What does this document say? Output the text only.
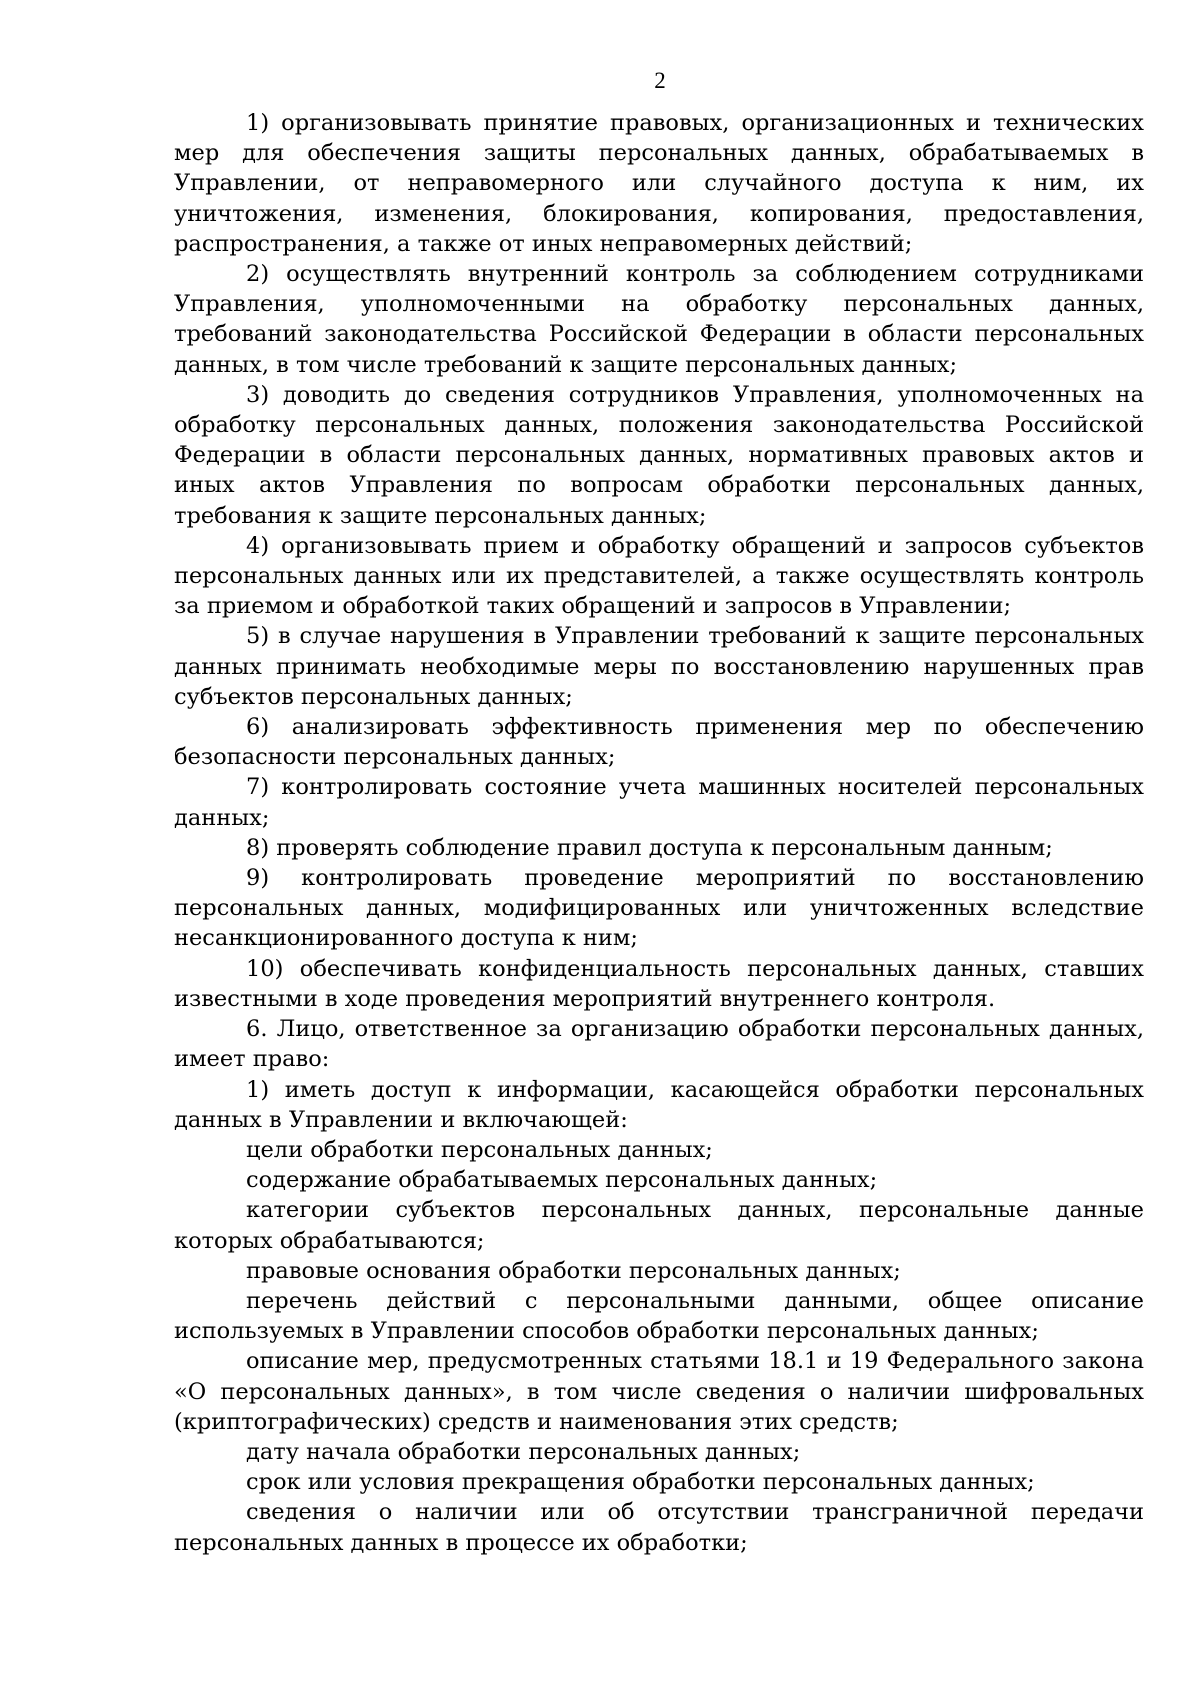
2

1) организовывать принятие правовых, организационных и технических мер для обеспечения защиты персональных данных, обрабатываемых в Управлении, от неправомерного или случайного доступа к ним, их уничтожения, изменения, блокирования, копирования, предоставления, распространения, а также от иных неправомерных действий;

2) осуществлять внутренний контроль за соблюдением сотрудниками Управления, уполномоченными на обработку персональных данных, требований законодательства Российской Федерации в области персональных данных, в том числе требований к защите персональных данных;

3) доводить до сведения сотрудников Управления, уполномоченных на обработку персональных данных, положения законодательства Российской Федерации в области персональных данных, нормативных правовых актов и иных актов Управления по вопросам обработки персональных данных, требования к защите персональных данных;

4) организовывать прием и обработку обращений и запросов субъектов персональных данных или их представителей, а также осуществлять контроль за приемом и обработкой таких обращений и запросов в Управлении;

5) в случае нарушения в Управлении требований к защите персональных данных принимать необходимые меры по восстановлению нарушенных прав субъектов персональных данных;

6) анализировать эффективность применения мер по обеспечению безопасности персональных данных;

7) контролировать состояние учета машинных носителей персональных данных;

8) проверять соблюдение правил доступа к персональным данным;

9) контролировать проведение мероприятий по восстановлению персональных данных, модифицированных или уничтоженных вследствие несанкционированного доступа к ним;

10) обеспечивать конфиденциальность персональных данных, ставших известными в ходе проведения мероприятий внутреннего контроля.

6. Лицо, ответственное за организацию обработки персональных данных, имеет право:

1) иметь доступ к информации, касающейся обработки персональных данных в Управлении и включающей:

цели обработки персональных данных;

содержание обрабатываемых персональных данных;

категории субъектов персональных данных, персональные данные которых обрабатываются;

правовые основания обработки персональных данных;

перечень действий с персональными данными, общее описание используемых в Управлении способов обработки персональных данных;

описание мер, предусмотренных статьями 18.1 и 19 Федерального закона «О персональных данных», в том числе сведения о наличии шифровальных (криптографических) средств и наименования этих средств;

дату начала обработки персональных данных;

срок или условия прекращения обработки персональных данных;

сведения о наличии или об отсутствии трансграничной передачи персональных данных в процессе их обработки;
